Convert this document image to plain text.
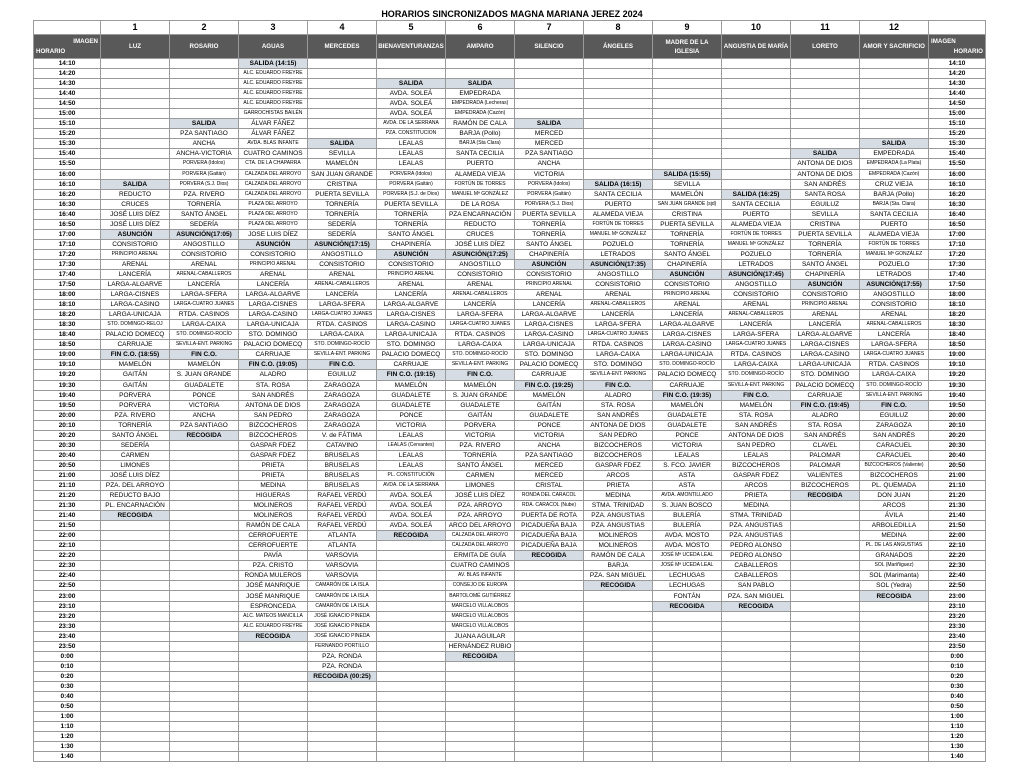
HORARIOS SINCRONIZADOS MAGNA MARIANA JEREZ 2024
	1	2	3	4	5	6	7	8	9	10	11	12	

IMAGEN
HORARIO	LUZ	ROSARIO	AGUAS	MERCEDES	BIENAVENTURANZAS	AMPARO	SILENCIO	ÁNGELES	MADRE DE LA IGLESIA	ANGUSTIA DE MARÍA	LORETO	AMOR Y SACRIFICIO	IMAGEN
HORARIO

14:10			SALIDA (14:15)										14:10
14:20			ALC. EDUARDO FREYRE										14:20
14:30			ALC. EDUARDO FREYRE		SALIDA	SALIDA							14:30
14:40			ALC. EDUARDO FREYRE		AVDA. SOLEÁ	EMPEDRADA							14:40
14:50			ALC. EDUARDO FREYRE		AVDA. SOLEÁ	EMPEDRADA (Lecheras)							14:50
15:00			GARROCHISTAS BAILÉN		AVDA. SOLEÁ	EMPEDRADA (Cazón)							15:00
15:10		SALIDA	ÁLVAR FÁÑEZ		AVDA. DE LA SERRANA	RAMÓN DE CALA	SALIDA						15:10
15:20		PZA SANTIAGO	ÁLVAR FÁÑEZ		PZA. CONSTITUCION	BARJA (Pollo)	MERCED						15:20
15:30		ANCHA	AVDA. BLAS INFANTE	SALIDA	LEALAS	BARJA (Sta Clara)	MERCED					SALIDA	15:30
15:40		ANCHA-VICTORIA	CUATRO CAMINOS	SEVILLA	LEALAS	SANTA CECILIA	PZA SANTIAGO				SALIDA	EMPEDRADA	15:40
15:50		PORVERA (Idolos)	CTA. DE LA CHAPARRA	MAMELÓN	LEALAS	PUERTO	ANCHA				ANTONA DE DIOS	EMPEDRADA (La Plata)	15:50
16:00		PORVERA (Gaitán)	CALZADA DEL ARROYO	SAN JUAN GRANDE	PORVERA (Idolos)	ALAMEDA VIEJA	VICTORIA		SALIDA (15:55)		ANTONA DE DIOS	EMPEDRADA (Cazón)	16:00
16:10	SALIDA	PORVERA (S.J. Dios)	CALZADA DEL ARROYO	CRISTINA	PORVERA (Gaitán)	FORTÚN DE TORRES	PORVERA (Idolos)	SALIDA (16:15)	SEVILLA		SAN ANDRÉS	CRUZ VIEJA	16:10
16:20	REDUCTO	PZA. RIVERO	CALZADA DEL ARROYO	PUERTA SEVILLA	PORVERA (S.J. de Dios)	MANUEL Mª GONZÁLEZ	PORVERA (Gaitán)	SANTA CECILIA	MAMELÓN	SALIDA (16:25)	SANTA ROSA	BARJA (Pollo)	16:20
16:30	CRUCES	TORNERÍA	PLAZA DEL ARROYO	TORNERÍA	PUERTA SEVILLA	DE LA ROSA	PORVERA (S.J. Dios)	PUERTO	SAN JUAN GRANDE (sjd)	SANTA CECILIA	EGUILUZ	BARJA (Sta. Clara)	16:30
16:40	JOSÉ LUIS DÍEZ	SANTO ÁNGEL	PLAZA DEL ARROYO	TORNERÍA	TORNERÍA	PZA ENCARNACIÓN	PUERTA SEVILLA	ALAMEDA VIEJA	CRISTINA	PUERTO	SEVILLA	SANTA CECILIA	16:40
16:50	JOSÉ LUIS DÍEZ	SEDERÍA	PLAZA DEL ARROYO	SEDERÍA	TORNERÍA	REDUCTO	TORNERÍA	FORTÚN DE TORRES	PUERTA SEVILLA	ALAMEDA VIEJA	CRISTINA	PUERTO	16:50
17:00	ASUNCIÓN	ASUNCIÓN(17:05)	JOSE LUIS DÍEZ	SEDERÍA	SANTO ÁNGEL	CRUCES	TORNERÍA	MANUEL Mª GONZÁLEZ	TORNERÍA	FORTÚN DE TORRES	PUERTA SEVILLA	ALAMEDA VIEJA	17:00
17:10	CONSISTORIO	ANGOSTILLO	ASUNCIÓN	ASUNCIÓN(17:15)	CHAPINERÍA	JOSÉ LUIS DÍEZ	SANTO ÁNGEL	POZUELO	TORNERÍA	MANUEL Mª GONZÁLEZ	TORNERÍA	FORTÚN DE TORRES	17:10
17:20	PRINCIPIO ARENAL	CONSISTORIO	CONSISTORIO	ANGOSTILLO	ASUNCIÓN	ASUNCIÓN(17:25)	CHAPINERÍA	LETRADOS	SANTO ÁNGEL	POZUELO	TORNERÍA	MANUEL Mª GONZÁLEZ	17:20
17:30	ARENAL	ARENAL	PRINCIPIO ARENAL	CONSISTORIO	CONSISTORIO	ANGOSTILLO	ASUNCIÓN	ASUNCIÓN(17:35)	CHAPINERÍA	LETRADOS	SANTO ÁNGEL	POZUELO	17:30
17:40	LANCERÍA	ARENAL-CABALLEROS	ARENAL	ARENAL	PRINCIPIO ARENAL	CONSISTORIO	CONSISTORIO	ANGOSTILLO	ASUNCIÓN	ASUNCIÓN(17:45)	CHAPINERÍA	LETRADOS	17:40
17:50	LARGA-ALGARVE	LANCERÍA	LANCERÍA	ARENAL-CABALLEROS	ARENAL	ARENAL	PRINCIPIO ARENAL	CONSISTORIO	CONSISTORIO	ANGOSTILLO	ASUNCIÓN	ASUNCIÓN(17:55)	17:50
18:00	LARGA-CISNES	LARGA-SFERA	LARGA-ALGARVE	LANCERÍA	LANCERÍA	ARENAL-CABALLEROS	ARENAL	ARENAL	PRINCIPIO ARENAL	CONSISTORIO	CONSISTORIO	ANGOSTILLO	18:00
18:10	LARGA-CASINO	LARGA-CUATRO JUANES	LARGA-CISNES	LARGA-SFERA	LARGA-ALGARVE	LANCERÍA	LANCERÍA	ARENAL-CABALLEROS	ARENAL	ARENAL	PRINCIPIO ARENAL	CONSISTORIO	18:10
18:20	LARGA-UNICAJA	RTDA. CASINOS	LARGA-CASINO	LARGA-CUATRO JUANES	LARGA-CISNES	LARGA-SFERA	LARGA-ALGARVE	LANCERÍA	LANCERÍA	ARENAL-CABALLEROS	ARENAL	ARENAL	18:20
18:30	STO. DOMINGO-RELOJ	LARGA-CAIXA	LARGA-UNICAJA	RTDA. CASINOS	LARGA-CASINO	LARGA-CUATRO JUANES	LARGA-CISNES	LARGA-SFERA	LARGA-ALGARVE	LANCERÍA	LANCERÍA	ARENAL-CABALLEROS	18:30
18:40	PALACIO DOMECQ	STO. DOMINGO-ROCÍO	STO. DOMINGO	LARGA-CAIXA	LARGA-UNICAJA	RTDA. CASINOS	LARGA-CASINO	LARGA-CUATRO JUANES	LARGA-CISNES	LARGA-SFERA	LARGA-ALGARVE	LANCERÍA	18:40
18:50	CARRUAJE	SEVILLA-ENT. PARKING	PALACIO DOMECQ	STO. DOMINGO-ROCÍO	STO. DOMINGO	LARGA-CAIXA	LARGA-UNICAJA	RTDA. CASINOS	LARGA-CASINO	LARGA-CUATRO JUANES	LARGA-CISNES	LARGA-SFERA	18:50
19:00	FIN C.O. (18:55)	FIN C.O.	CARRUAJE	SEVILLA-ENT. PARKING	PALACIO DOMECQ	STO. DOMINGO-ROCÍO	STO. DOMINGO	LARGA-CAIXA	LARGA-UNICAJA	RTDA. CASINOS	LARGA-CASINO	LARGA-CUATRO JUANES	19:00
19:10	MAMELÓN	MAMELÓN	FIN C.O. (19:05)	FIN C.O.	CARRUAJE	SEVILLA-ENT. PARKING	PALACIO DOMECQ	STO. DOMINGO	STO. DOMINGO-ROCÍO	LARGA-CAIXA	LARGA-UNICAJA	RTDA. CASINOS	19:10
19:20	GAITÁN	S. JUAN GRANDE	ALADRO	EGUILUZ	FIN C.O. (19:15)	FIN C.O.	CARRUAJE	SEVILLA-ENT. PARKING	PALACIO DOMECQ	STO. DOMINGO-ROCÍO	STO. DOMINGO	LARGA-CAIXA	19:20
19:30	GAITÁN	GUADALETE	STA. ROSA	ZARAGOZA	MAMELÓN	MAMELÓN	FIN C.O. (19:25)	FIN C.O.	CARRUAJE	SEVILLA-ENT. PARKING	PALACIO DOMECQ	STO. DOMINGO-ROCÍO	19:30
19:40	PORVERA	PONCE	SAN ANDRÉS	ZARAGOZA	GUADALETE	S. JUAN GRANDE	MAMELÓN	ALADRO	FIN C.O. (19:35)	FIN C.O.	CARRUAJE	SEVILLA-ENT. PARKING	19:40
19:50	PORVERA	VICTORIA	ANTONA DE DIOS	ZARAGOZA	GUADALETE	GUADALETE	GAITÁN	STA. ROSA	MAMELÓN	MAMELÓN	FIN C.O. (19:45)	FIN C.O.	19:50
20:00	PZA. RIVERO	ANCHA	SAN PEDRO	ZARAGOZA	PONCE	GAITÁN	GUADALETE	SAN ANDRÉS	GUADALETE	STA. ROSA	ALADRO	EGUILUZ	20:00
20:10	TORNERÍA	PZA SANTIAGO	BIZCOCHEROS	ZARAGOZA	VICTORIA	PORVERA	PONCE	ANTONA DE DIOS	GUADALETE	SAN ANDRÉS	STA. ROSA	ZARAGOZA	20:10
20:20	SANTO ÁNGEL	RECOGIDA	BIZCOCHEROS	V. de FÁTIMA	LEALAS	VICTORIA	VICTORIA	SAN PEDRO	PONCE	ANTONA DE DIOS	SAN ANDRÉS	SAN ANDRÉS	20:20
20:30	SEDERÍA		GASPAR FDEZ	CATAVINO	LEALAS (Cervantes)	PZA. RIVERO	ANCHA	BIZCOCHEROS	VICTORIA	SAN PEDRO	CLAVEL	CARACUEL	20:30
20:40	CARMEN		GASPAR FDEZ	BRUSELAS	LEALAS	TORNERÍA	PZA SANTIAGO	BIZCOCHEROS	LEALAS	LEALAS	PALOMAR	CARACUEL	20:40
20:50	LIMONES		PRIETA	BRUSELAS	LEALAS	SANTO ÁNGEL	MERCED	GASPAR FDEZ	S. FCO. JAVIER	BIZCOCHEROS	PALOMAR	BIZCOCHEROS (Valiente)	20:50
21:00	JOSÉ LUIS DÍEZ		PRIETA	BRUSELAS	PL. CONSTITUCIÓN	CARMEN	MERCED	ARCOS	ASTA	GASPAR FDEZ	VALIENTES	BIZCOCHEROS	21:00
21:10	PZA. DEL ARROYO		MEDINA	BRUSELAS	AVDA. DE LA SERRANA	LIMONES	CRISTAL	PRIETA	ASTA	ARCOS	BIZCOCHEROS	PL. QUEMADA	21:10
21:20	REDUCTO BAJO		HIGUERAS	RAFAEL VERDÚ	AVDA. SOLEÁ	JOSÉ LUIS DÍEZ	RONDA DEL CARACOL	MEDINA	AVDA. AMONTILLADO	PRIETA	RECOGIDA	DON JUAN	21:20
21:30	PL. ENCARNACIÓN		MOLINEROS	RAFAEL VERDÚ	AVDA. SOLEÁ	PZA. ARROYO	RDA. CARACOL (Nube)	STMA. TRINIDAD	S. JUAN BOSCO	MEDINA		ARCOS	21:30
21:40	RECOGIDA		MOLINEROS	RAFAEL VERDÚ	AVDA. SOLEÁ	PZA. ARROYO	PUERTA DE ROTA	PZA. ANGUSTIAS	BULERÍA	STMA. TRINIDAD		ÁVILA	21:40
21:50			RAMÓN DE CALA	RAFAEL VERDÚ	AVDA. SOLEÁ	ARCO DEL ARROYO	PICADUEÑA BAJA	PZA. ANGUSTIAS	BULERÍA	PZA. ANGUSTIAS		ARBOLEDILLA	21:50
22:00			CERROFUERTE	ATLANTA	RECOGIDA	CALZADA DEL ARROYO	PICADUEÑA BAJA	MOLINEROS	AVDA. MOSTO	PZA. ANGUSTIAS		MEDINA	22:00
22:10			CERROFUERTE	ATLANTA		CALZADA DEL ARROYO	PICADUEÑA BAJA	MOLINEROS	AVDA. MOSTO	PEDRO ALONSO		PL. DE LAS ANGUSTIAS	22:10
22:20			PAVÍA	VARSOVIA		ERMITA DE GUÍA	RECOGIDA	RAMÓN DE CALA	JOSÉ Mª UCEDA LEAL	PEDRO ALONSO		GRANADOS	22:20
22:30			PZA. CRISTO	VARSOVIA		CUATRO CAMINOS		BARJA	JOSÉ Mª UCEDA LEAL	CABALLEROS		SOL (Mariñiguez)	22:30
22:40			RONDA MULEROS	VARSOVIA		AV. BLAS INFANTE		PZA. SAN MIGUEL	LECHUGAS	CABALLEROS		SOL (Marimanta)	22:40
22:50			JOSÉ MANRIQUE	CAMARÓN DE LA ISLA		CONSEJO DE EUROPA		RECOGIDA	LECHUGAS	SAN PABLO		SOL (Yedra)	22:50
23:00			JOSÉ MANRIQUE	CAMARÓN DE LA ISLA		BARTOLOMÉ GUTIÉRREZ			FONTÁN	PZA. SAN MIGUEL		RECOGIDA	23:00
23:10			ESPRONCEDA	CAMARÓN DE LA ISLA		MARCELO VILLALOBOS			RECOGIDA	RECOGIDA			23:10
23:20			ALC. MATEOS MANCILLA	JOSÉ IGNACIO PINEDA		MARCELO VILLALOBOS							23:20
23:30			ALC. EDUARDO FREYRE	JOSÉ IGNACIO PINEDA		MARCELO VILLALOBOS							23:30
23:40			RECOGIDA	JOSÉ IGNACIO PINEDA		JUANA AGUILAR							23:40
23:50				FERNANDO PORTILLO		HERNÁNDEZ RUBIO							23:50
0:00				PZA. RONDA		RECOGIDA							0:00
0:10				PZA. RONDA									0:10
0:20				RECOGIDA (00:25)									0:20
0:30													0:30
0:40													0:40
0:50													0:50
1:00													1:00
1:10													1:10
1:20													1:20
1:30													1:30
1:40													1:40
